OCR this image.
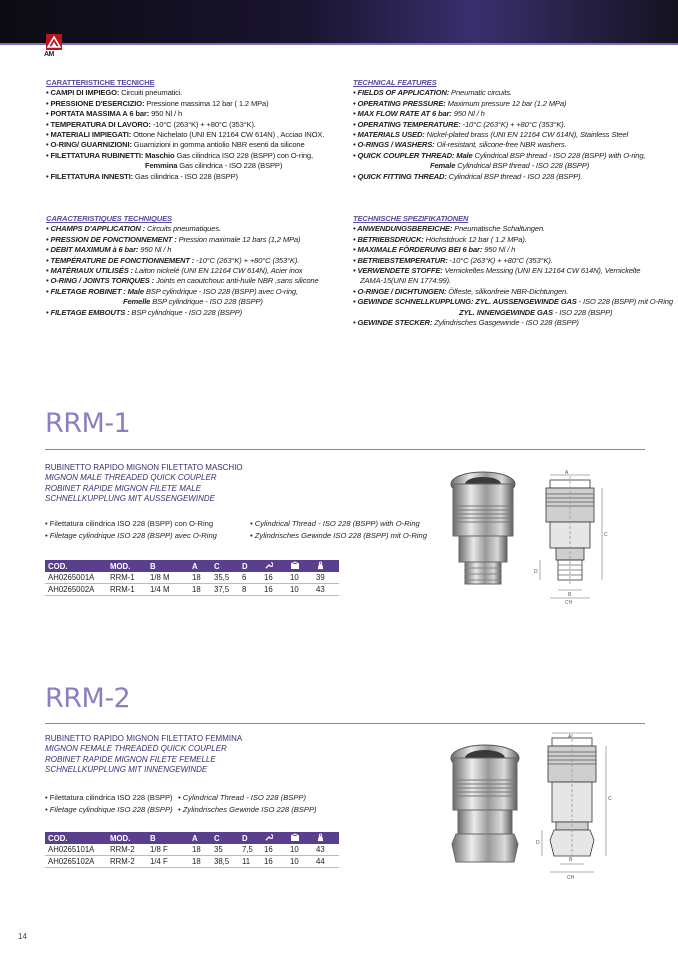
AM
CARATTERISTICHE TECNICHE
• CAMPI DI IMPIEGO: Circuiti pneumatici.
• PRESSIONE D'ESERCIZIO: Pressione massima 12 bar ( 1.2 MPa)
• PORTATA MASSIMA A 6 bar: 950 Nl / h
• TEMPERATURA DI LAVORO: -10°C (263°K) + +80°C (353°K).
• MATERIALI IMPIEGATI: Ottone Nichelato (UNI EN 12164 CW 614N) , Acciao INOX.
• O-RING/ GUARNIZIONI: Guarnizioni in gomma antiolio NBR esenti da silicone
• FILETTATURA RUBINETTI: Maschio Gas cilindrica ISO 228 (BSPP) con O-ring,
Femmina Gas cilindrica - ISO 228 (BSPP)
• FILETTATURA INNESTI: Gas cilindrica - ISO 228 (BSPP)
TECHNICAL FEATURES
• FIELDS OF APPLICATION: Pneumatic circuits.
• OPERATING PRESSURE: Maximum pressure 12 bar (1.2 MPa)
• MAX FLOW RATE AT 6 bar: 950 Nl / h
• OPERATING TEMPERATURE: -10°C (263°K) + +80°C (353°K).
• MATERIALS USED: Nickel-plated brass (UNI EN 12164 CW 614N), Stainless Steel
• O-RINGS / WASHERS: Oil-resistant, silicone-free NBR washers.
• QUICK COUPLER THREAD: Male Cylindrical BSP thread - ISO 228 (BSPP) with O-ring,
Female Cylindrical BSP thread - ISO 228 (BSPP)
• QUICK FITTING THREAD: Cylindrical BSP thread - ISO 228 (BSPP).
CARACTERISTIQUES TECHNIQUES
• CHAMPS D'APPLICATION : Circuits pneumatiques.
• PRESSION DE FONCTIONNEMENT : Pression maximale 12 bars (1,2 MPa)
• DEBIT MAXIMUM à 6 bar: 950 Nl / h
• TEMPÉRATURE DE FONCTIONNEMENT : -10°C (263°K) + +80°C (353°K).
• MATÉRIAUX UTILISÉS : Laiton nickelé (UNI EN 12164 CW 614N), Acier inox
• O-RING / JOINTS TORIQUES : Joints en caoutchouc anti-huile NBR ,sans silicone
• FILETAGE ROBINET : Male BSP cylindrique - ISO 228 (BSPP) avec O-ring,
Femelle BSP cylindrique - ISO 228 (BSPP)
• FILETAGE EMBOUTS : BSP cylindrique - ISO 228 (BSPP)
TECHNISCHE SPEZIFIKATIONEN
• ANWENDUNGSBEREICHE: Pneumatische Schaltungen.
• BETRIEBSDRUCK: Höchstdruck 12 bar ( 1.2 MPa).
• MAXIMALE FÖRDERUNG BEI 6 bar: 950 Nl / h
• BETRIEBSTEMPERATUR: -10°C (263°K) + +80°C (353°K).
• VERWENDETE STOFFE: Vernickeltes Messing (UNI EN 12164 CW 614N), Vernickelte
ZAMA-15(UNI EN 1774:99).
• O-RINGE / DICHTUNGEN: Ölfeste, silikonfreie NBR-Dichtungen.
• GEWINDE SCHNELLKUPPLUNG: ZYL. AUSSENGEWINDE GAS - ISO 228 (BSPP) mit O-Ring
ZYL. INNENGEWINDE GAS - ISO 228 (BSPP)
• GEWINDE STECKER: Zylindrisches Gasgewinde - ISO 228 (BSPP)
RRM-1
RUBINETTO RAPIDO MIGNON FILETTATO MASCHIO
MIGNON MALE THREADED QUICK COUPLER
ROBINET RAPIDE MIGNON FILETE MALE
SCHNELLKUPPLUNG MIT AUSSENGEWINDE
• Filettatura cilindrica ISO 228 (BSPP) con O-Ring
• Filetage cylindrique ISO 228 (BSPP) avec O-Ring
• Cylindrical Thread - ISO 228 (BSPP) with O-Ring
• Zylindrisches Gewinde ISO 228 (BSPP) mit O-Ring
COD.	MOD.	B	A	C	D			
AH0265001A	RRM-1	1/8 M	18	35,5	6	16	10	39
AH0265002A	RRM-1	1/4 M	18	37,5	8	16	10	43
A
C
D
B
CH
RRM-2
RUBINETTO RAPIDO MIGNON FILETTATO FEMMINA
MIGNON FEMALE THREADED QUICK COUPLER
ROBINET RAPIDE MIGNON FILETE FEMELLE
SCHNELLKUPPLUNG MIT INNENGEWINDE
• Filettatura cilindrica ISO 228 (BSPP)
• Filetage cylindrique ISO 228 (BSPP)
• Cylindrical Thread - ISO 228 (BSPP)
• Zylindrisches Gewinde ISO 228 (BSPP)
COD.	MOD.	B	A	C	D			
AH0265101A	RRM-2	1/8 F	18	35	7,5	16	10	43
AH0265102A	RRM-2	1/4 F	18	38,5	11	16	10	44
A
C
D
B
CH
14
